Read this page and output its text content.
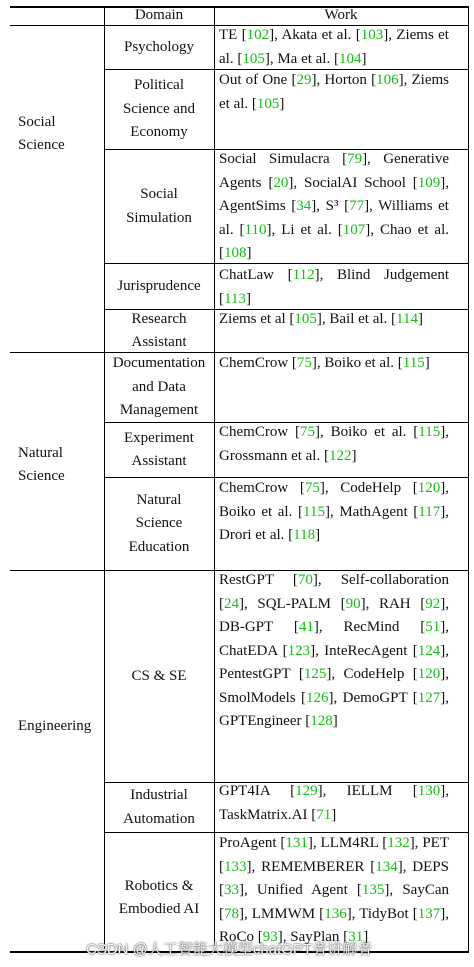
Domain	Work
Social Science
Natural Science
Engineering
Psychology
Political Science and Economy
Social Simulation
Jurisprudence
Research Assistant
Documentation and Data Management
Experiment Assistant
Natural Science Education
CS & SE
Industrial Automation
Robotics & Embodied AI
TE [102], Akata et al. [103], Ziems et al. [105], Ma et al. [104]
Out of One [29], Horton [106], Ziems et al. [105]
Social Simulacra [79], Generative Agents [20], SocialAI School [109], AgentSims [34], S³ [77], Williams et al. [110], Li et al. [107], Chao et al. [108]
ChatLaw [112], Blind Judgement [113]
Ziems et al [105], Bail et al. [114]
ChemCrow [75], Boiko et al. [115]
ChemCrow [75], Boiko et al. [115], Grossmann et al. [122]
ChemCrow [75], CodeHelp [120], Boiko et al. [115], MathAgent [117], Drori et al. [118]
RestGPT [70], Self-collaboration [24], SQL-PALM [90], RAH [92], DB-GPT [41], RecMind [51], ChatEDA [123], InteRecAgent [124], PentestGPT [125], CodeHelp [120], SmolModels [126], DemoGPT [127], GPTEngineer [128]
GPT4IA [129], IELLM [130], TaskMatrix.AI [71]
ProAgent [131], LLM4RL [132], PET [133], REMEMBERER [134], DEPS [33], Unified Agent [135], SayCan [78], LMMWM [136], TidyBot [137], RoCo [93], SayPlan [31]
CSDN @人工智能大模型chatGPT者讲解者
